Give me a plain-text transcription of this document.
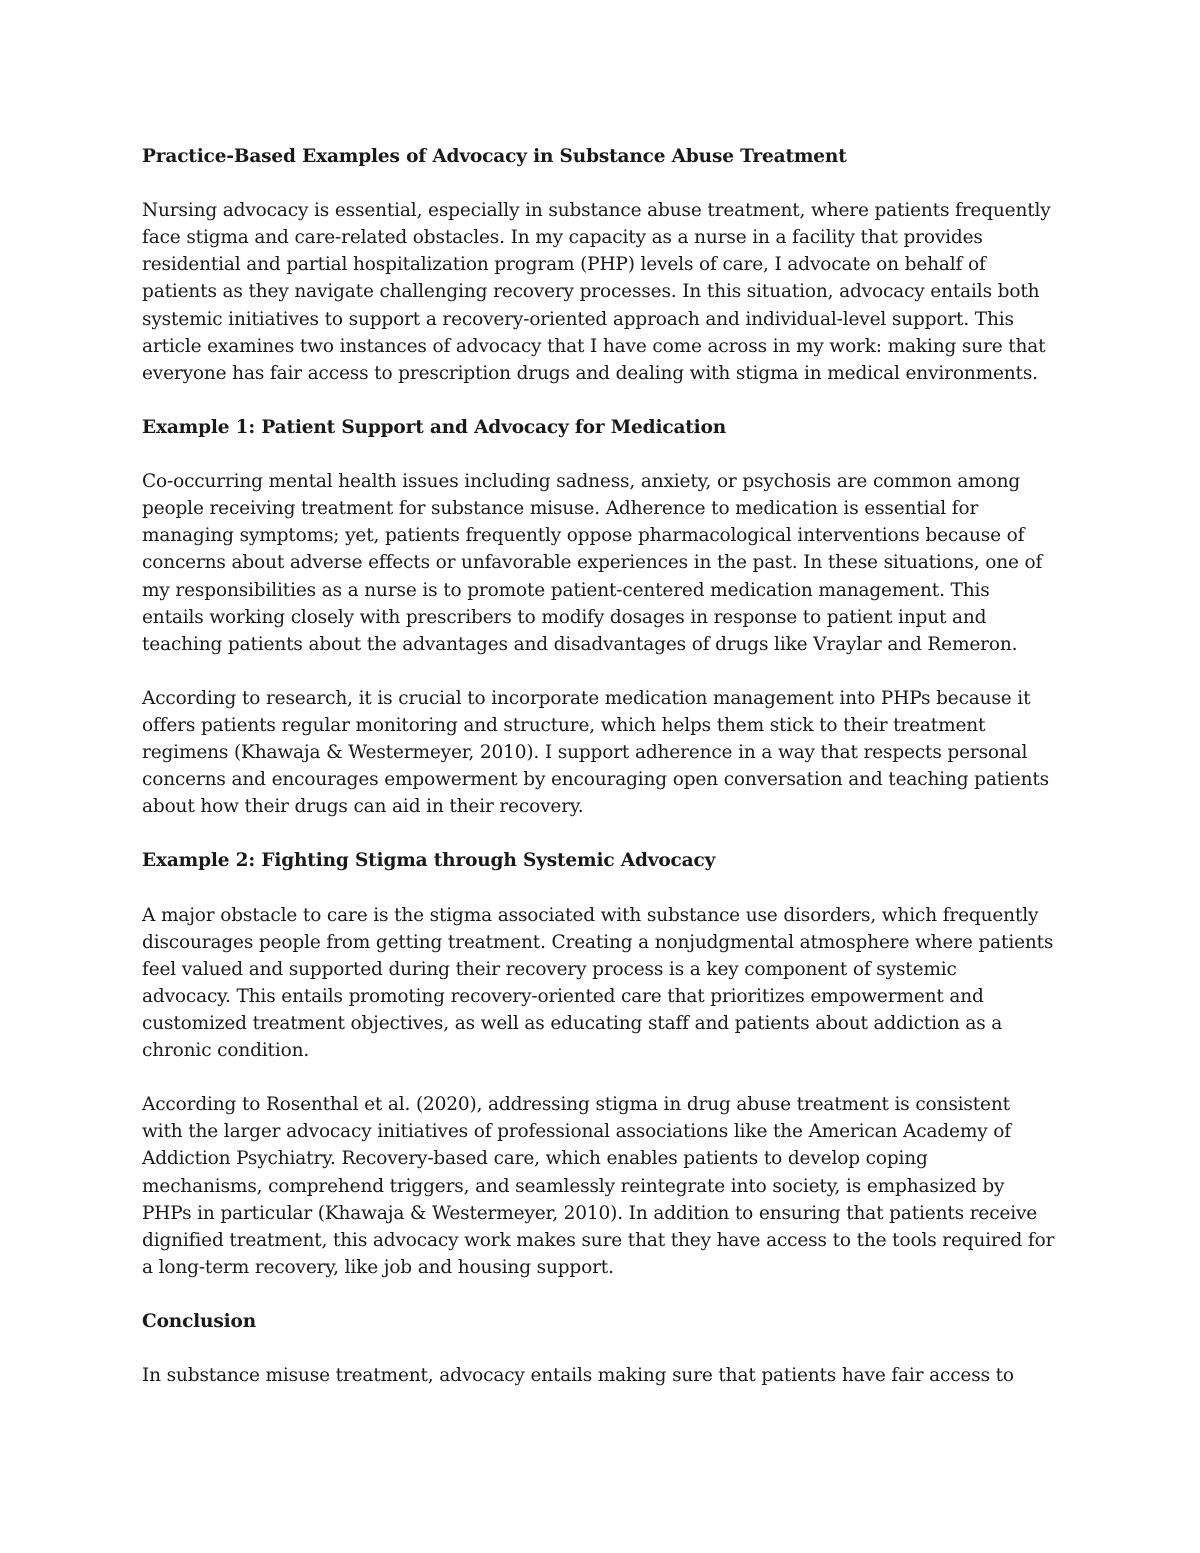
Practice-Based Examples of Advocacy in Substance Abuse Treatment
Nursing advocacy is essential, especially in substance abuse treatment, where patients frequently
face stigma and care-related obstacles. In my capacity as a nurse in a facility that provides
residential and partial hospitalization program (PHP) levels of care, I advocate on behalf of
patients as they navigate challenging recovery processes. In this situation, advocacy entails both
systemic initiatives to support a recovery-oriented approach and individual-level support. This
article examines two instances of advocacy that I have come across in my work: making sure that
everyone has fair access to prescription drugs and dealing with stigma in medical environments.
Example 1: Patient Support and Advocacy for Medication
Co-occurring mental health issues including sadness, anxiety, or psychosis are common among
people receiving treatment for substance misuse. Adherence to medication is essential for
managing symptoms; yet, patients frequently oppose pharmacological interventions because of
concerns about adverse effects or unfavorable experiences in the past. In these situations, one of
my responsibilities as a nurse is to promote patient-centered medication management. This
entails working closely with prescribers to modify dosages in response to patient input and
teaching patients about the advantages and disadvantages of drugs like Vraylar and Remeron.
According to research, it is crucial to incorporate medication management into PHPs because it
offers patients regular monitoring and structure, which helps them stick to their treatment
regimens (Khawaja & Westermeyer, 2010). I support adherence in a way that respects personal
concerns and encourages empowerment by encouraging open conversation and teaching patients
about how their drugs can aid in their recovery.
Example 2: Fighting Stigma through Systemic Advocacy
A major obstacle to care is the stigma associated with substance use disorders, which frequently
discourages people from getting treatment. Creating a nonjudgmental atmosphere where patients
feel valued and supported during their recovery process is a key component of systemic
advocacy. This entails promoting recovery-oriented care that prioritizes empowerment and
customized treatment objectives, as well as educating staff and patients about addiction as a
chronic condition.
According to Rosenthal et al. (2020), addressing stigma in drug abuse treatment is consistent
with the larger advocacy initiatives of professional associations like the American Academy of
Addiction Psychiatry. Recovery-based care, which enables patients to develop coping
mechanisms, comprehend triggers, and seamlessly reintegrate into society, is emphasized by
PHPs in particular (Khawaja & Westermeyer, 2010). In addition to ensuring that patients receive
dignified treatment, this advocacy work makes sure that they have access to the tools required for
a long-term recovery, like job and housing support.
Conclusion
In substance misuse treatment, advocacy entails making sure that patients have fair access to
